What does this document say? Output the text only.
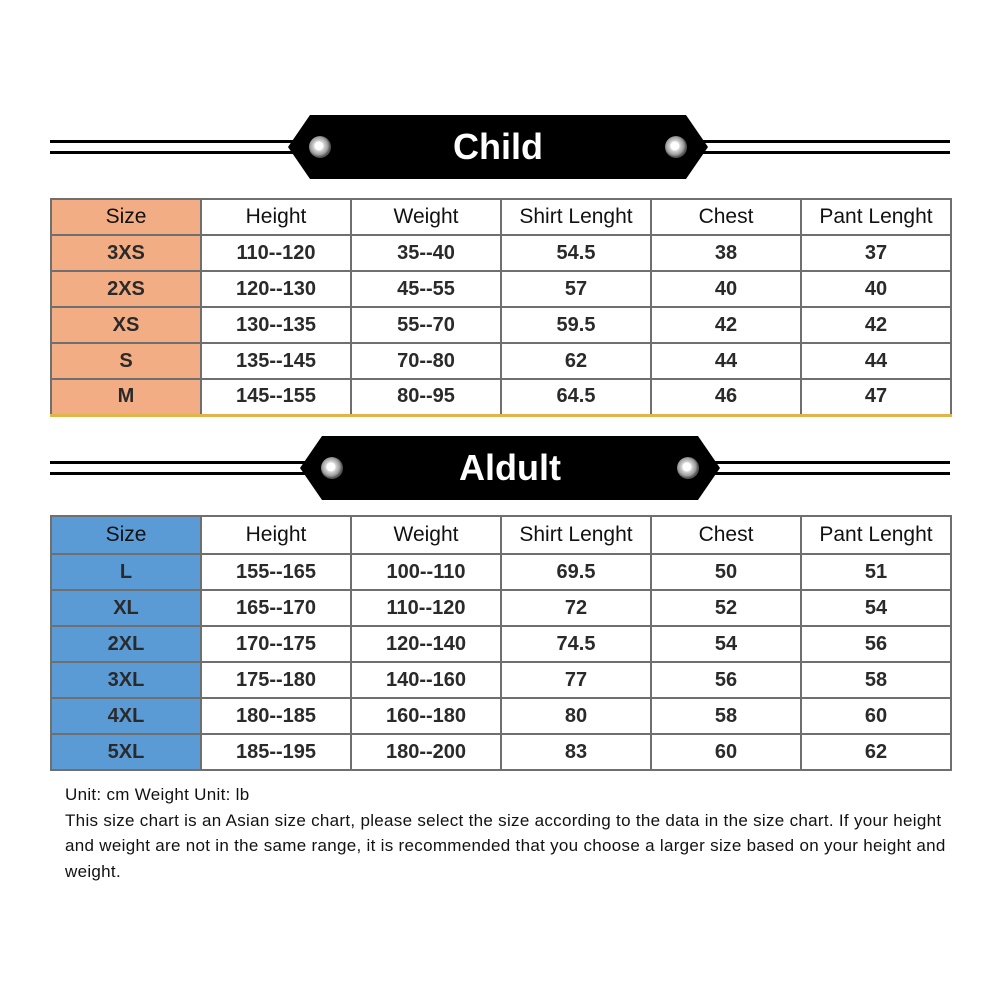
Child
Size	Height	Weight	Shirt Lenght	Chest	Pant Lenght
3XS	110--120	35--40	54.5	38	37
2XS	120--130	45--55	57	40	40
XS	130--135	55--70	59.5	42	42
S	135--145	70--80	62	44	44
M	145--155	80--95	64.5	46	47
Aldult
Size	Height	Weight	Shirt Lenght	Chest	Pant Lenght
L	155--165	100--110	69.5	50	51
XL	165--170	110--120	72	52	54
2XL	170--175	120--140	74.5	54	56
3XL	175--180	140--160	77	56	58
4XL	180--185	160--180	80	58	60
5XL	185--195	180--200	83	60	62

Unit: cm Weight Unit: lb

This size chart is an Asian size chart, please select the size according to the data in the size chart. If your height and weight are not in the same range, it is recommended that you choose a larger size based on your height and weight.
